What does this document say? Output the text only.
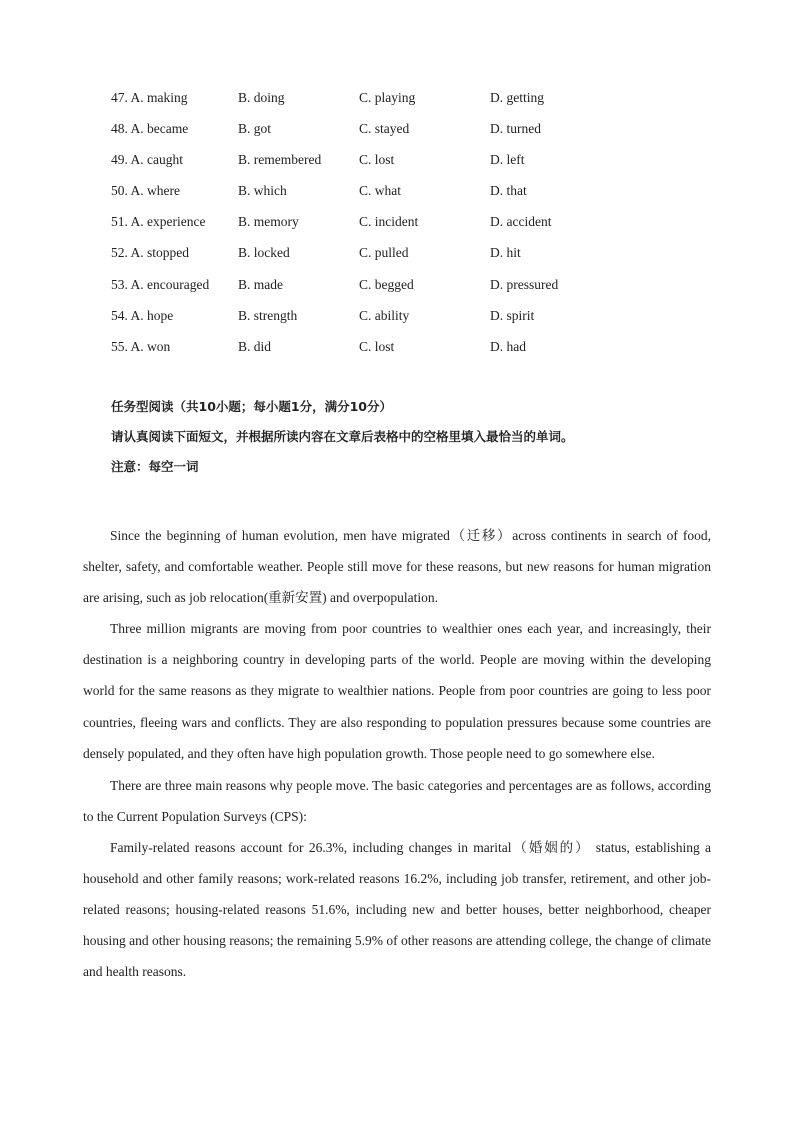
47. A. making	B. doing	C. playing	D. getting
48. A. became	B. got	C. stayed	D. turned
49. A. caught	B. remembered	C. lost	D. left
50. A. where	B. which	C. what	D. that
51. A. experience B. memory	C. incident	D. accident
52. A. stopped	B. locked	C. pulled	D. hit
53. A. encouraged B. made	C. begged	D. pressured
54. A. hope	B. strength	C. ability	D. spirit
55. A. won	B. did	C. lost	D. had
任务型阅读（共10小题；每小题1分，满分10分）
请认真阅读下面短文，并根据所读内容在文章后表格中的空格里填入最恰当的单词。
注意：每空一词

Since the beginning of human evolution, men have migrated（迁移）across continents in search of food, shelter, safety, and comfortable weather. People still move for these reasons, but new reasons for human migration are arising, such as job relocation(重新安置) and overpopulation.

Three million migrants are moving from poor countries to wealthier ones each year, and increasingly, their destination is a neighboring country in developing parts of the world. People are moving within the developing world for the same reasons as they migrate to wealthier nations. People from poor countries are going to less poor countries, fleeing wars and conflicts. They are also responding to population pressures because some countries are densely populated, and they often have high population growth. Those people need to go somewhere else.

There are three main reasons why people move. The basic categories and percentages are as follows, according to the Current Population Surveys (CPS):

Family-related reasons account for 26.3%, including changes in marital（婚姻的） status, establishing a household and other family reasons; work-related reasons 16.2%, including job transfer, retirement, and other job-related reasons; housing-related reasons 51.6%, including new and better houses, better neighborhood, cheaper housing and other housing reasons; the remaining 5.9% of other reasons are attending college, the change of climate and health reasons.
